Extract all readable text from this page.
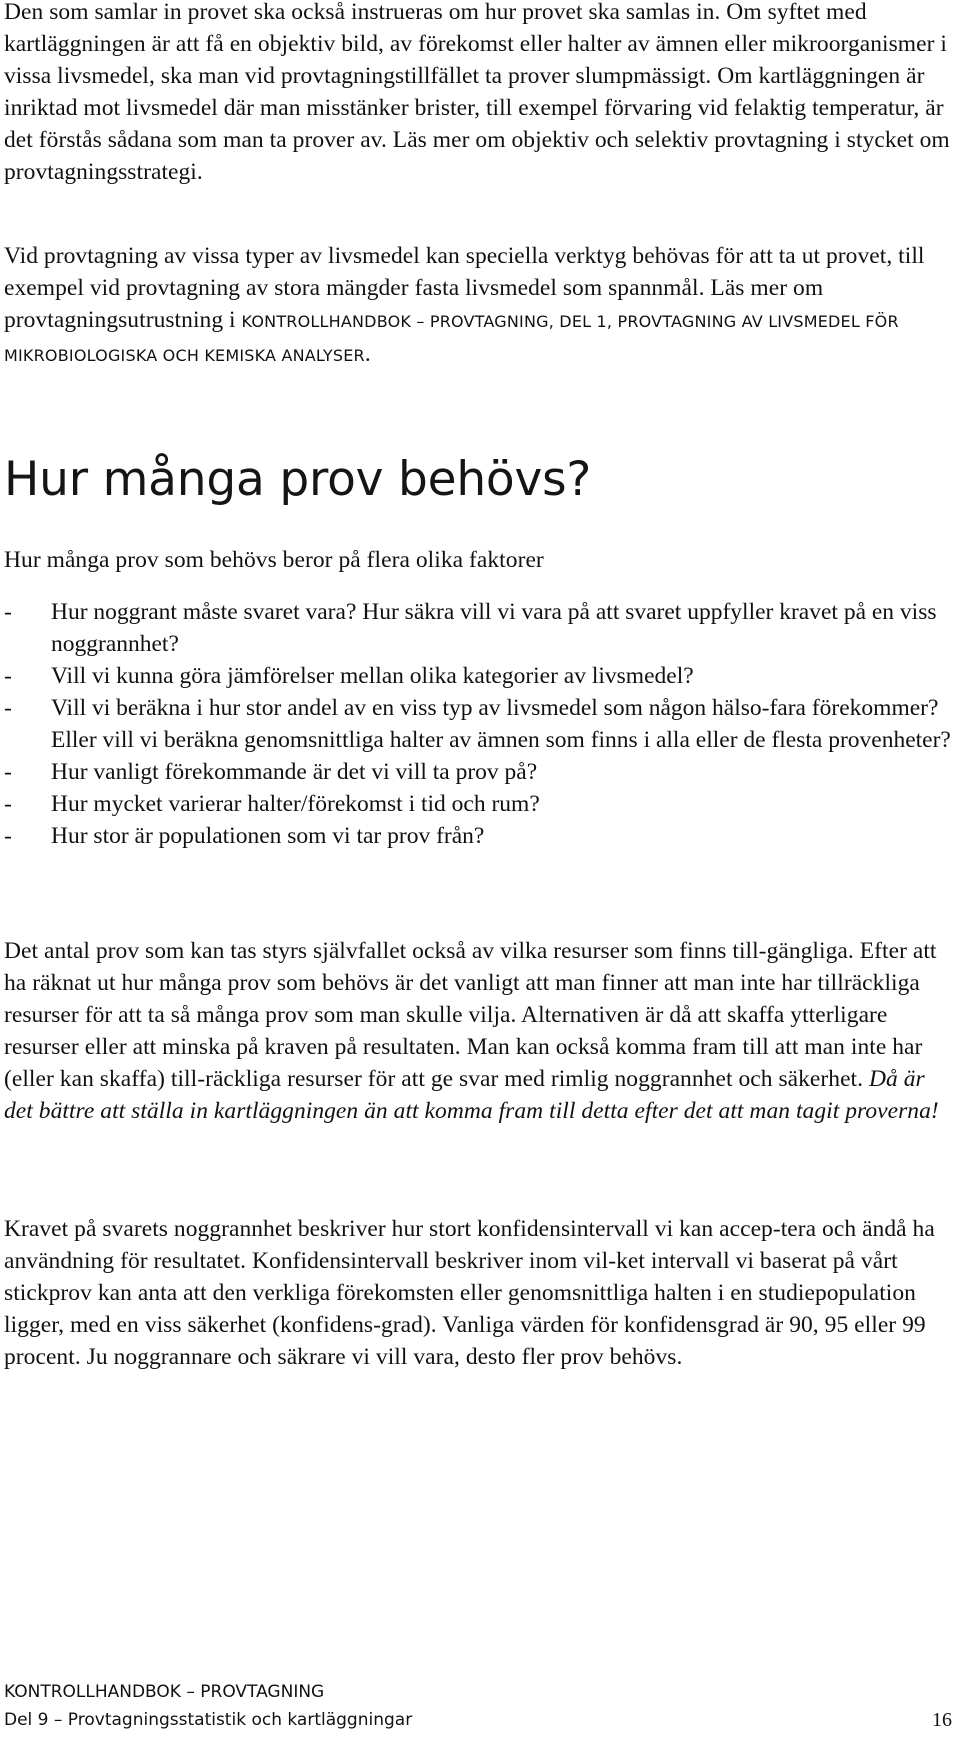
Den som samlar in provet ska också instrueras om hur provet ska samlas in. Om syftet med kartläggningen är att få en objektiv bild, av förekomst eller halter av ämnen eller mikroorganismer i vissa livsmedel, ska man vid provtagningstillfället ta prover slumpmässigt. Om kartläggningen är inriktad mot livsmedel där man misstänker brister, till exempel förvaring vid felaktig temperatur, är det förstås sådana som man ta prover av. Läs mer om objektiv och selektiv provtagning i stycket om provtagningsstrategi.

Vid provtagning av vissa typer av livsmedel kan speciella verktyg behövas för att ta ut provet, till exempel vid provtagning av stora mängder fasta livsmedel som spannmål. Läs mer om provtagningsutrustning i KONTROLLHANDBOK – PROVTAGNING, DEL 1, PROVTAGNING AV LIVSMEDEL FÖR MIKROBIOLOGISKA OCH KEMISKA ANALYSER.

Hur många prov behövs?

Hur många prov som behövs beror på flera olika faktorer

- Hur noggrant måste svaret vara? Hur säkra vill vi vara på att svaret uppfyller kravet på en viss noggrannhet?
- Vill vi kunna göra jämförelser mellan olika kategorier av livsmedel?
- Vill vi beräkna i hur stor andel av en viss typ av livsmedel som någon hälso-fara förekommer? Eller vill vi beräkna genomsnittliga halter av ämnen som finns i alla eller de flesta provenheter?
- Hur vanligt förekommande är det vi vill ta prov på?
- Hur mycket varierar halter/förekomst i tid och rum?
- Hur stor är populationen som vi tar prov från?

Det antal prov som kan tas styrs självfallet också av vilka resurser som finns till-gängliga. Efter att ha räknat ut hur många prov som behövs är det vanligt att man finner att man inte har tillräckliga resurser för att ta så många prov som man skulle vilja. Alternativen är då att skaffa ytterligare resurser eller att minska på kraven på resultaten. Man kan också komma fram till att man inte har (eller kan skaffa) till-räckliga resurser för att ge svar med rimlig noggrannhet och säkerhet. Då är det bättre att ställa in kartläggningen än att komma fram till detta efter det att man tagit proverna!

Kravet på svarets noggrannhet beskriver hur stort konfidensintervall vi kan accep-tera och ändå ha användning för resultatet. Konfidensintervall beskriver inom vil-ket intervall vi baserat på vårt stickprov kan anta att den verkliga förekomsten eller genomsnittliga halten i en studiepopulation ligger, med en viss säkerhet (konfidens-grad). Vanliga värden för konfidensgrad är 90, 95 eller 99 procent. Ju noggrannare och säkrare vi vill vara, desto fler prov behövs.

KONTROLLHANDBOK – PROVTAGNING
Del 9 – Provtagningsstatistik och kartläggningar	16
